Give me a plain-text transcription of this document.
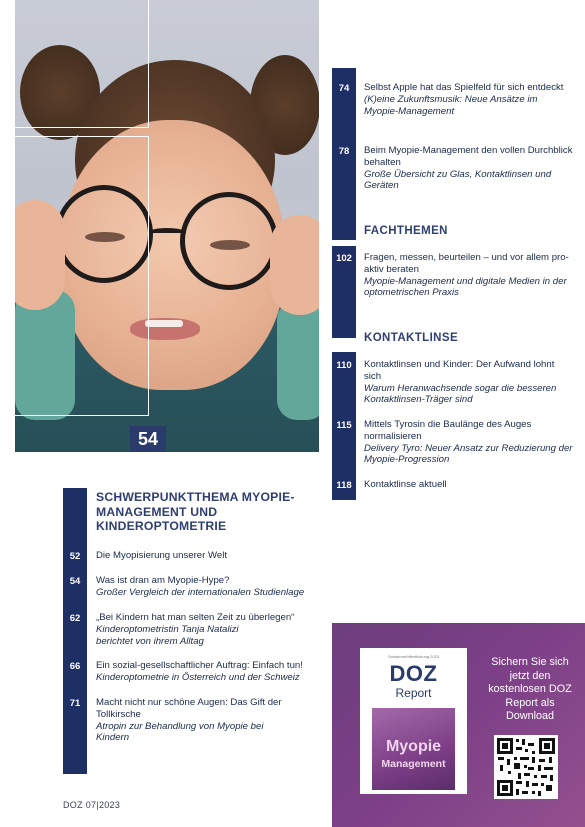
54
74	Selbst Apple hat das Spielfeld für sich entdeckt
(K)eine Zukunftsmusik: Neue Ansätze im Myopie-Management
78	Beim Myopie-Management den vollen Durchblick behalten
Große Übersicht zu Glas, Kontaktlinsen und Geräten
FACHTHEMEN
102	Fragen, messen, beurteilen – und vor allem pro-aktiv beraten
Myopie-Management und digitale Medien in der optometrischen Praxis
KONTAKTLINSE
110	Kontaktlinsen und Kinder: Der Aufwand lohnt sich
Warum Heranwachsende sogar die besseren Kontaktlinsen-Träger sind
115	Mittels Tyrosin die Baulänge des Auges normalisieren
Delivery Tyro: Neuer Ansatz zur Reduzierung der Myopie-Progression
118	Kontaktlinse aktuell
SCHWERPUNKTTHEMA MYOPIE-MANAGEMENT UND KINDEROPTOMETRIE
52	Die Myopisierung unserer Welt
54	Was ist dran am Myopie-Hype?
Großer Vergleich der internationalen Studienlage
62	„Bei Kindern hat man selten Zeit zu überlegen“
Kinderoptometristin Tanja Natalizi berichtet von ihrem Alltag
66	Ein sozial-gesellschaftlicher Auftrag: Einfach tun!
Kinderoptometrie in Österreich und der Schweiz
71	Macht nicht nur schöne Augen: Das Gift der Tollkirsche
Atropin zur Behandlung von Myopie bei Kindern
DOZ 07|2023
Sonderveröffentlichung 2023
DOZ
Report
Myopie
Management
Sichern Sie sich jetzt den kostenlosen DOZ Report als Download
